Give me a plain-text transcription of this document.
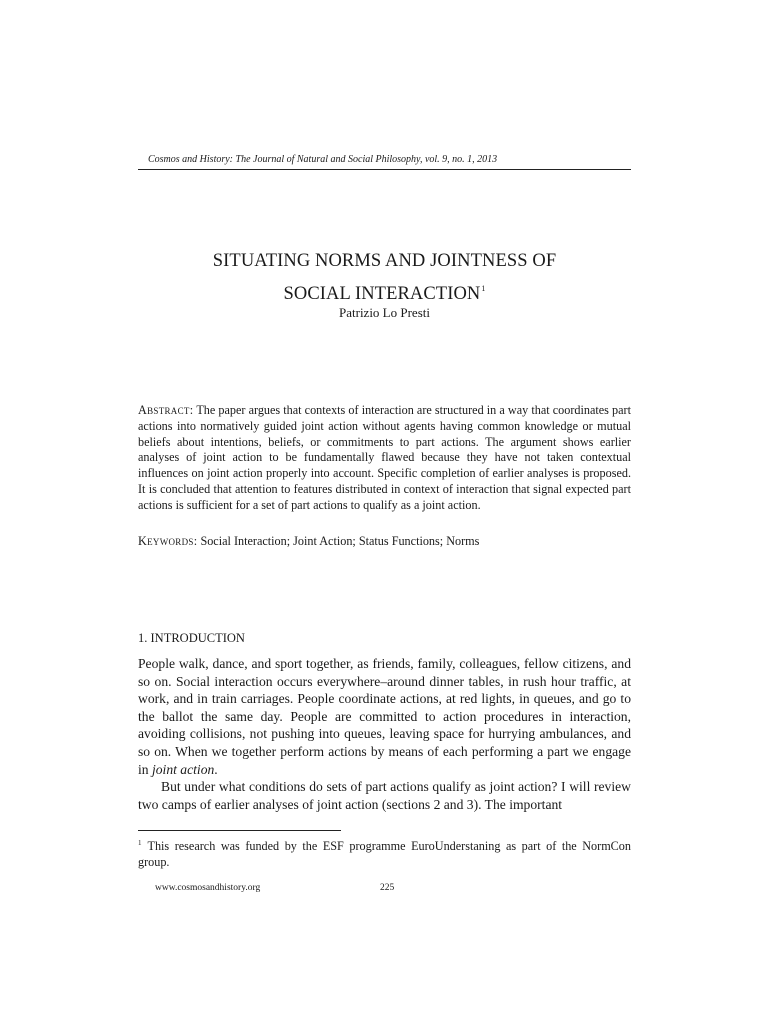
Cosmos and History: The Journal of Natural and Social Philosophy, vol. 9, no. 1, 2013
SITUATING NORMS AND JOINTNESS OF
SOCIAL INTERACTION$^1$
Patrizio Lo Presti
Abstract: The paper argues that contexts of interaction are structured in a way that coordinates part actions into normatively guided joint action without agents having common knowledge or mutual beliefs about intentions, beliefs, or commitments to part actions. The argument shows earlier analyses of joint action to be fundamentally flawed because they have not taken contextual influences on joint action properly into account. Specific completion of earlier analyses is proposed. It is concluded that attention to features distributed in context of interaction that signal expected part actions is sufficient for a set of part actions to qualify as a joint action.
Keywords: Social Interaction; Joint Action; Status Functions; Norms
1. INTRODUCTION

People walk, dance, and sport together, as friends, family, colleagues, fellow citizens, and so on. Social interaction occurs everywhere–around dinner tables, in rush hour traffic, at work, and in train carriages. People coordinate actions, at red lights, in queues, and go to the ballot the same day. People are committed to action procedures in interaction, avoiding collisions, not pushing into queues, leaving space for hurrying ambulances, and so on. When we together perform actions by means of each performing a part we engage in joint action.

But under what conditions do sets of part actions qualify as joint action? I will review two camps of earlier analyses of joint action (sections 2 and 3). The important

$^1$ This research was funded by the ESF programme EuroUnderstaning as part of the NormCon group.
www.cosmosandhistory.org	225
